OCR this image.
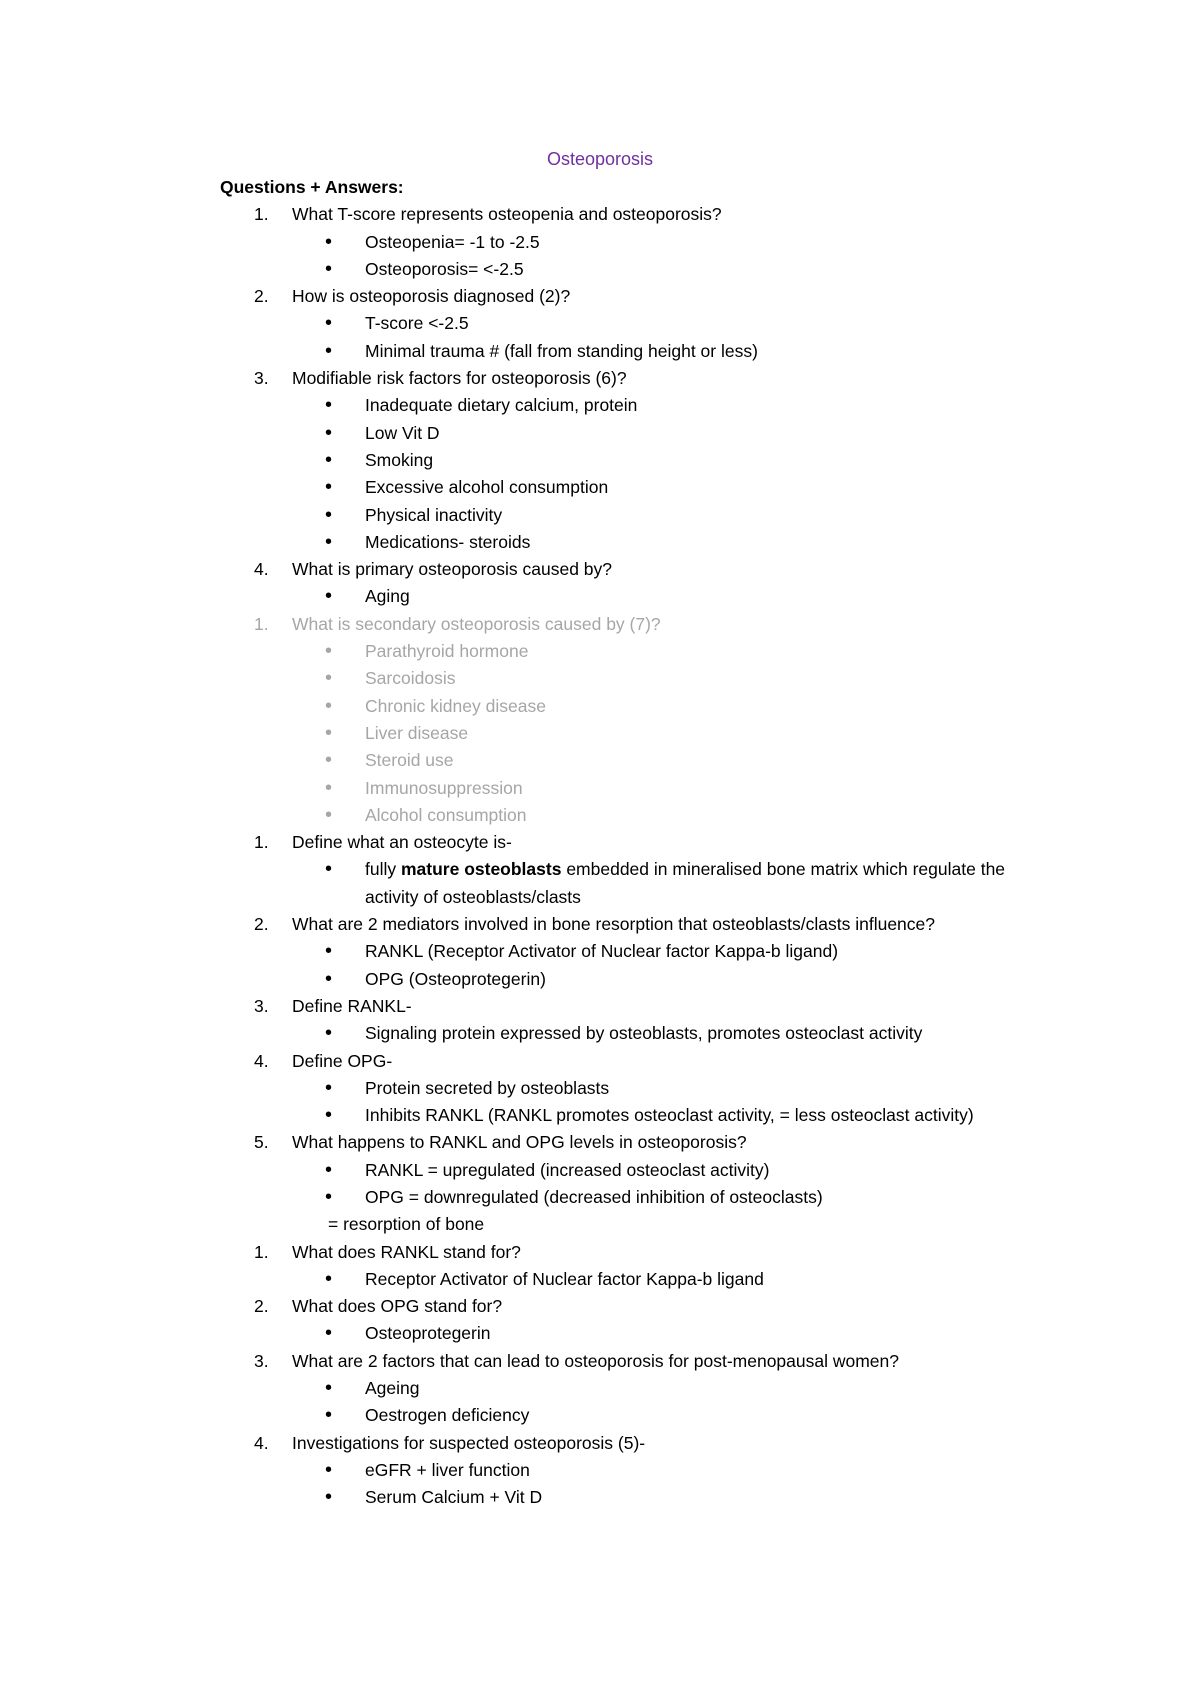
Osteoporosis
Questions + Answers:
1.	What T-score represents osteopenia and osteoporosis?
•	Osteopenia= -1 to -2.5
•	Osteoporosis= <-2.5
2.	How is osteoporosis diagnosed (2)?
•	T-score <-2.5
•	Minimal trauma # (fall from standing height or less)
3.	Modifiable risk factors for osteoporosis (6)?
•	Inadequate dietary calcium, protein
•	Low Vit D
•	Smoking
•	Excessive alcohol consumption
•	Physical inactivity
•	Medications- steroids
4.	What is primary osteoporosis caused by?
•	Aging
1.	What is secondary osteoporosis caused by (7)?
•	Parathyroid hormone
•	Sarcoidosis
•	Chronic kidney disease
•	Liver disease
•	Steroid use
•	Immunosuppression
•	Alcohol consumption
1.	Define what an osteocyte is-
•	fully mature osteoblasts embedded in mineralised bone matrix which regulate the activity of osteoblasts/clasts
2.	What are 2 mediators involved in bone resorption that osteoblasts/clasts influence?
•	RANKL (Receptor Activator of Nuclear factor Kappa-b ligand)
•	OPG (Osteoprotegerin)
3.	Define RANKL-
•	Signaling protein expressed by osteoblasts, promotes osteoclast activity
4.	Define OPG-
•	Protein secreted by osteoblasts
•	Inhibits RANKL (RANKL promotes osteoclast activity, = less osteoclast activity)
5.	What happens to RANKL and OPG levels in osteoporosis?
•	RANKL = upregulated (increased osteoclast activity)
•	OPG = downregulated (decreased inhibition of osteoclasts)
= resorption of bone
1.	What does RANKL stand for?
•	Receptor Activator of Nuclear factor Kappa-b ligand
2.	What does OPG stand for?
•	Osteoprotegerin
3.	What are 2 factors that can lead to osteoporosis for post-menopausal women?
•	Ageing
•	Oestrogen deficiency
4.	Investigations for suspected osteoporosis (5)-
•	eGFR + liver function
•	Serum Calcium + Vit D
